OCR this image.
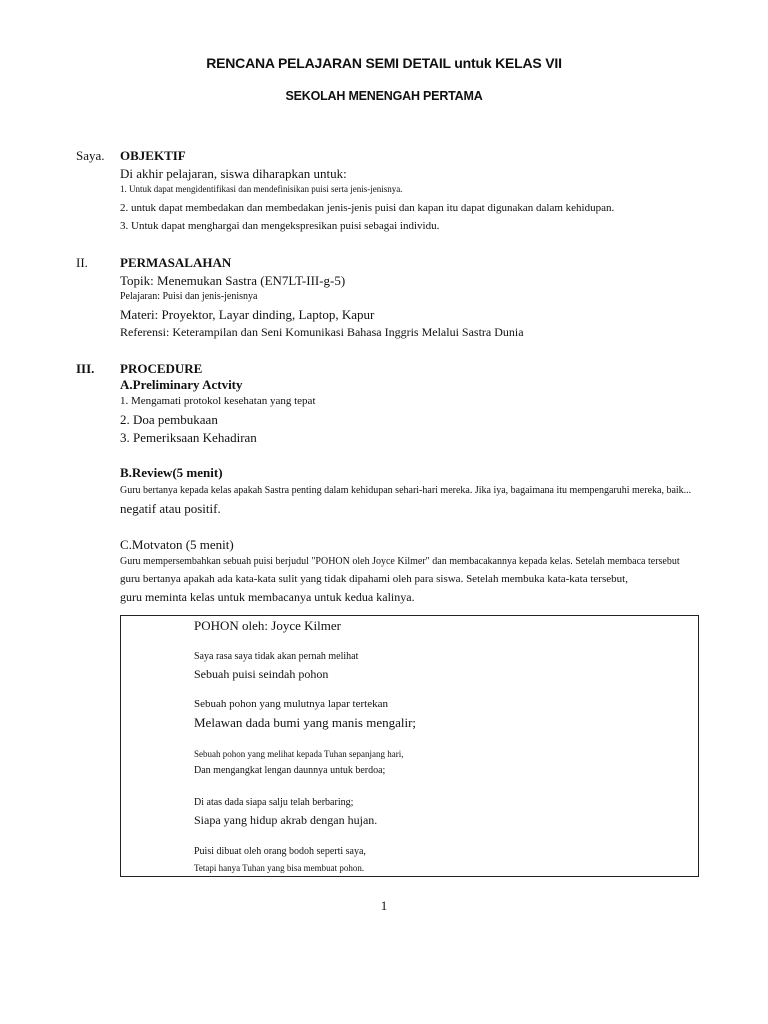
RENCANA PELAJARAN SEMI DETAIL untuk KELAS VII
SEKOLAH MENENGAH PERTAMA
Saya. OBJEKTIF
Di akhir pelajaran, siswa diharapkan untuk:
1. Untuk dapat mengidentifikasi dan mendefinisikan puisi serta jenis-jenisnya.
2. untuk dapat membedakan dan membedakan jenis-jenis puisi dan kapan itu dapat digunakan dalam kehidupan.
3. Untuk dapat menghargai dan mengekspresikan puisi sebagai individu.
II. PERMASALAHAN
Topik: Menemukan Sastra (EN7LT-III-g-5)
Pelajaran: Puisi dan jenis-jenisnya
Materi: Proyektor, Layar dinding, Laptop, Kapur
Referensi: Keterampilan dan Seni Komunikasi Bahasa Inggris Melalui Sastra Dunia
III. PROCEDURE
A.Preliminary Actvity
1. Mengamati protokol kesehatan yang tepat
2. Doa pembukaan
3. Pemeriksaan Kehadiran
B.Review(5 menit)
Guru bertanya kepada kelas apakah Sastra penting dalam kehidupan sehari-hari mereka. Jika iya, bagaimana itu mempengaruhi mereka, baik...
negatif atau positif.
C.Motvaton (5 menit)
Guru mempersembahkan sebuah puisi berjudul "POHON oleh Joyce Kilmer" dan membacakannya kepada kelas. Setelah membaca tersebut
guru bertanya apakah ada kata-kata sulit yang tidak dipahami oleh para siswa. Setelah membuka kata-kata tersebut,
guru meminta kelas untuk membacanya untuk kedua kalinya.
POHON oleh: Joyce Kilmer
Saya rasa saya tidak akan pernah melihat
Sebuah puisi seindah pohon
Sebuah pohon yang mulutnya lapar tertekan
Melawan dada bumi yang manis mengalir;
Sebuah pohon yang melihat kepada Tuhan sepanjang hari,
Dan mengangkat lengan daunnya untuk berdoa;
Di atas dada siapa salju telah berbaring;
Siapa yang hidup akrab dengan hujan.
Puisi dibuat oleh orang bodoh seperti saya,
Tetapi hanya Tuhan yang bisa membuat pohon.
1
